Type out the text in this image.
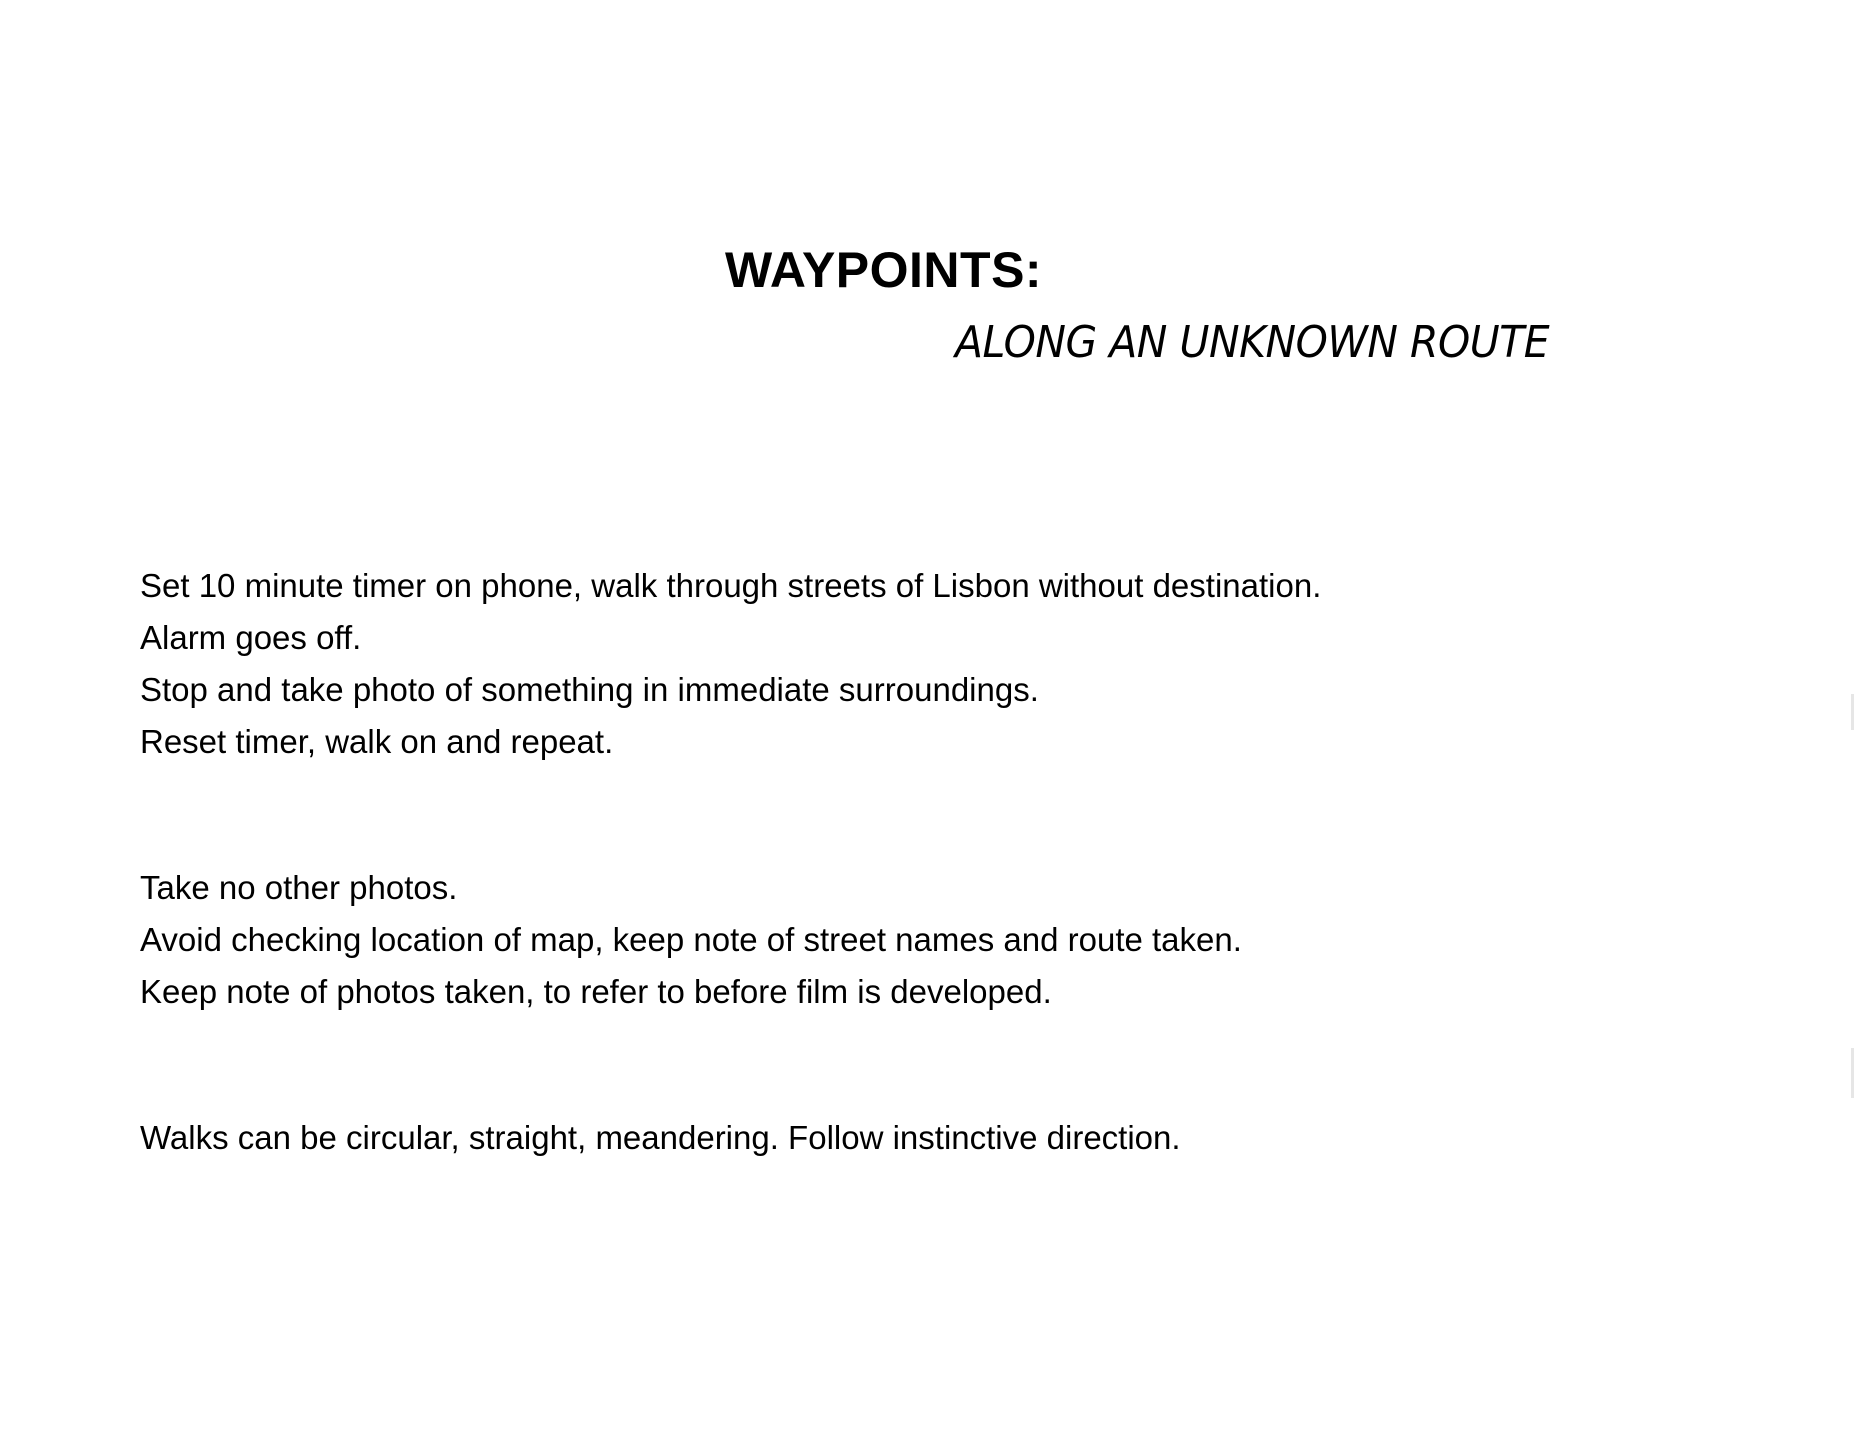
WAYPOINTS:
ALONG AN UNKNOWN ROUTE
Set 10 minute timer on phone, walk through streets of Lisbon without destination.
Alarm goes off.
Stop and take photo of something in immediate surroundings.
Reset timer, walk on and repeat.
Take no other photos.
Avoid checking location of map, keep note of street names and route taken.
Keep note of photos taken, to refer to before film is developed.
Walks can be circular, straight, meandering. Follow instinctive direction.
